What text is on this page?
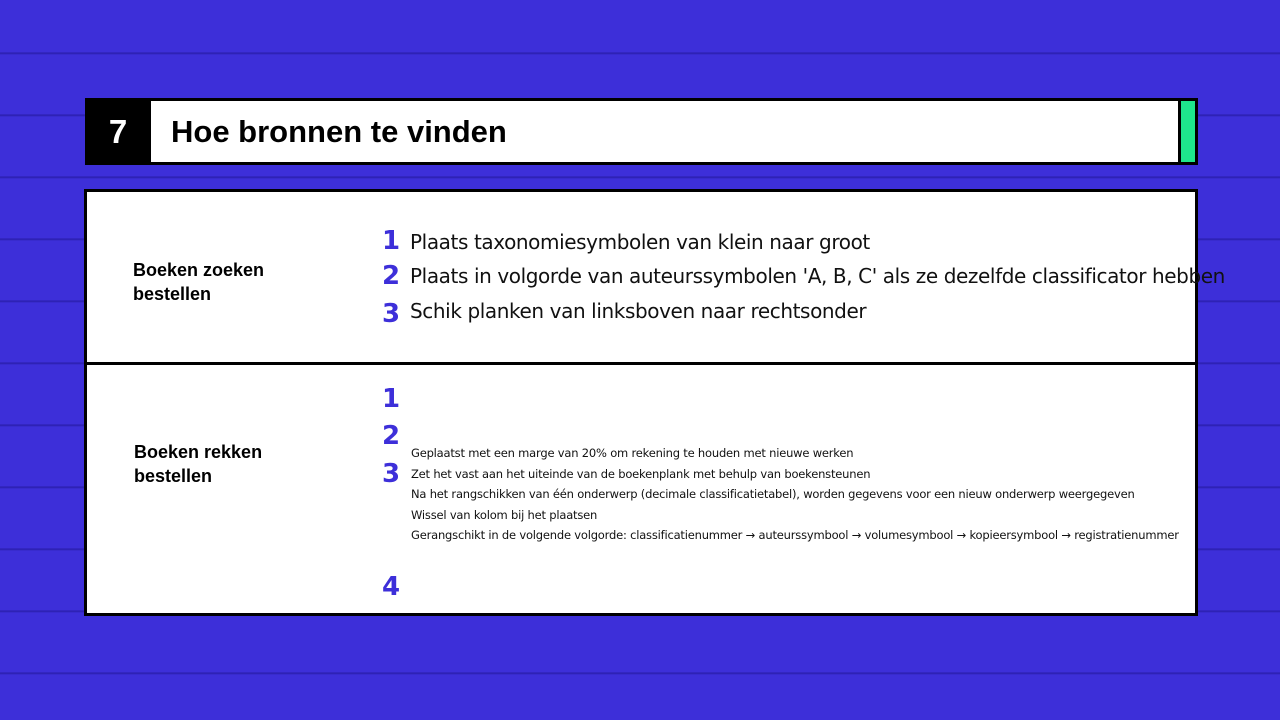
7	Hoe bronnen te vinden
Boeken zoeken bestellen
1
2
3
Plaats taxonomiesymbolen van klein naar groot
Plaats in volgorde van auteurssymbolen 'A, B, C' als ze dezelfde classificator hebben
Schik planken van linksboven naar rechtsonder
Boeken rekken bestellen
1
2
3
4
Geplaatst met een marge van 20% om rekening te houden met nieuwe werken
Zet het vast aan het uiteinde van de boekenplank met behulp van boekensteunen
Na het rangschikken van één onderwerp (decimale classificatietabel), worden gegevens voor een nieuw onderwerp weergegeven
Wissel van kolom bij het plaatsen
Gerangschikt in de volgende volgorde: classificatienummer → auteurssymbool → volumesymbool → kopieersymbool → registratienummer
